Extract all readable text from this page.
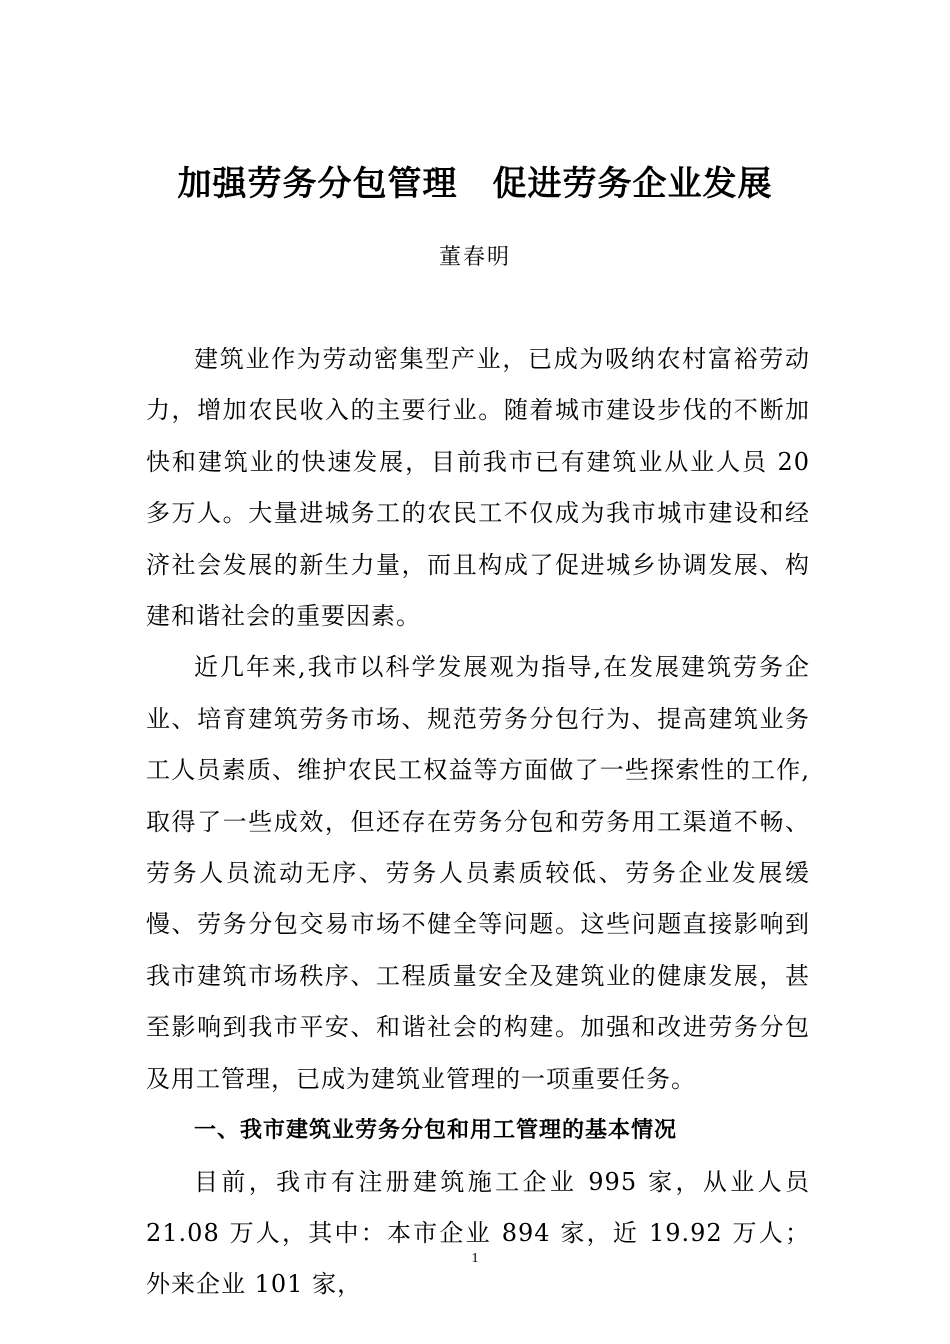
加强劳务分包管理　促进劳务企业发展
董春明

建筑业作为劳动密集型产业，已成为吸纳农村富裕劳动力，增加农民收入的主要行业。随着城市建设步伐的不断加快和建筑业的快速发展，目前我市已有建筑业从业人员 20 多万人。大量进城务工的农民工不仅成为我市城市建设和经济社会发展的新生力量，而且构成了促进城乡协调发展、构建和谐社会的重要因素。

近几年来,我市以科学发展观为指导,在发展建筑劳务企业、培育建筑劳务市场、规范劳务分包行为、提高建筑业务工人员素质、维护农民工权益等方面做了一些探索性的工作,取得了一些成效，但还存在劳务分包和劳务用工渠道不畅、劳务人员流动无序、劳务人员素质较低、劳务企业发展缓慢、劳务分包交易市场不健全等问题。这些问题直接影响到我市建筑市场秩序、工程质量安全及建筑业的健康发展，甚至影响到我市平安、和谐社会的构建。加强和改进劳务分包及用工管理，已成为建筑业管理的一项重要任务。

一、我市建筑业劳务分包和用工管理的基本情况

目前，我市有注册建筑施工企业 995 家，从业人员 21.08 万人，其中：本市企业 894 家，近 19.92 万人；外来企业 101 家，

1
